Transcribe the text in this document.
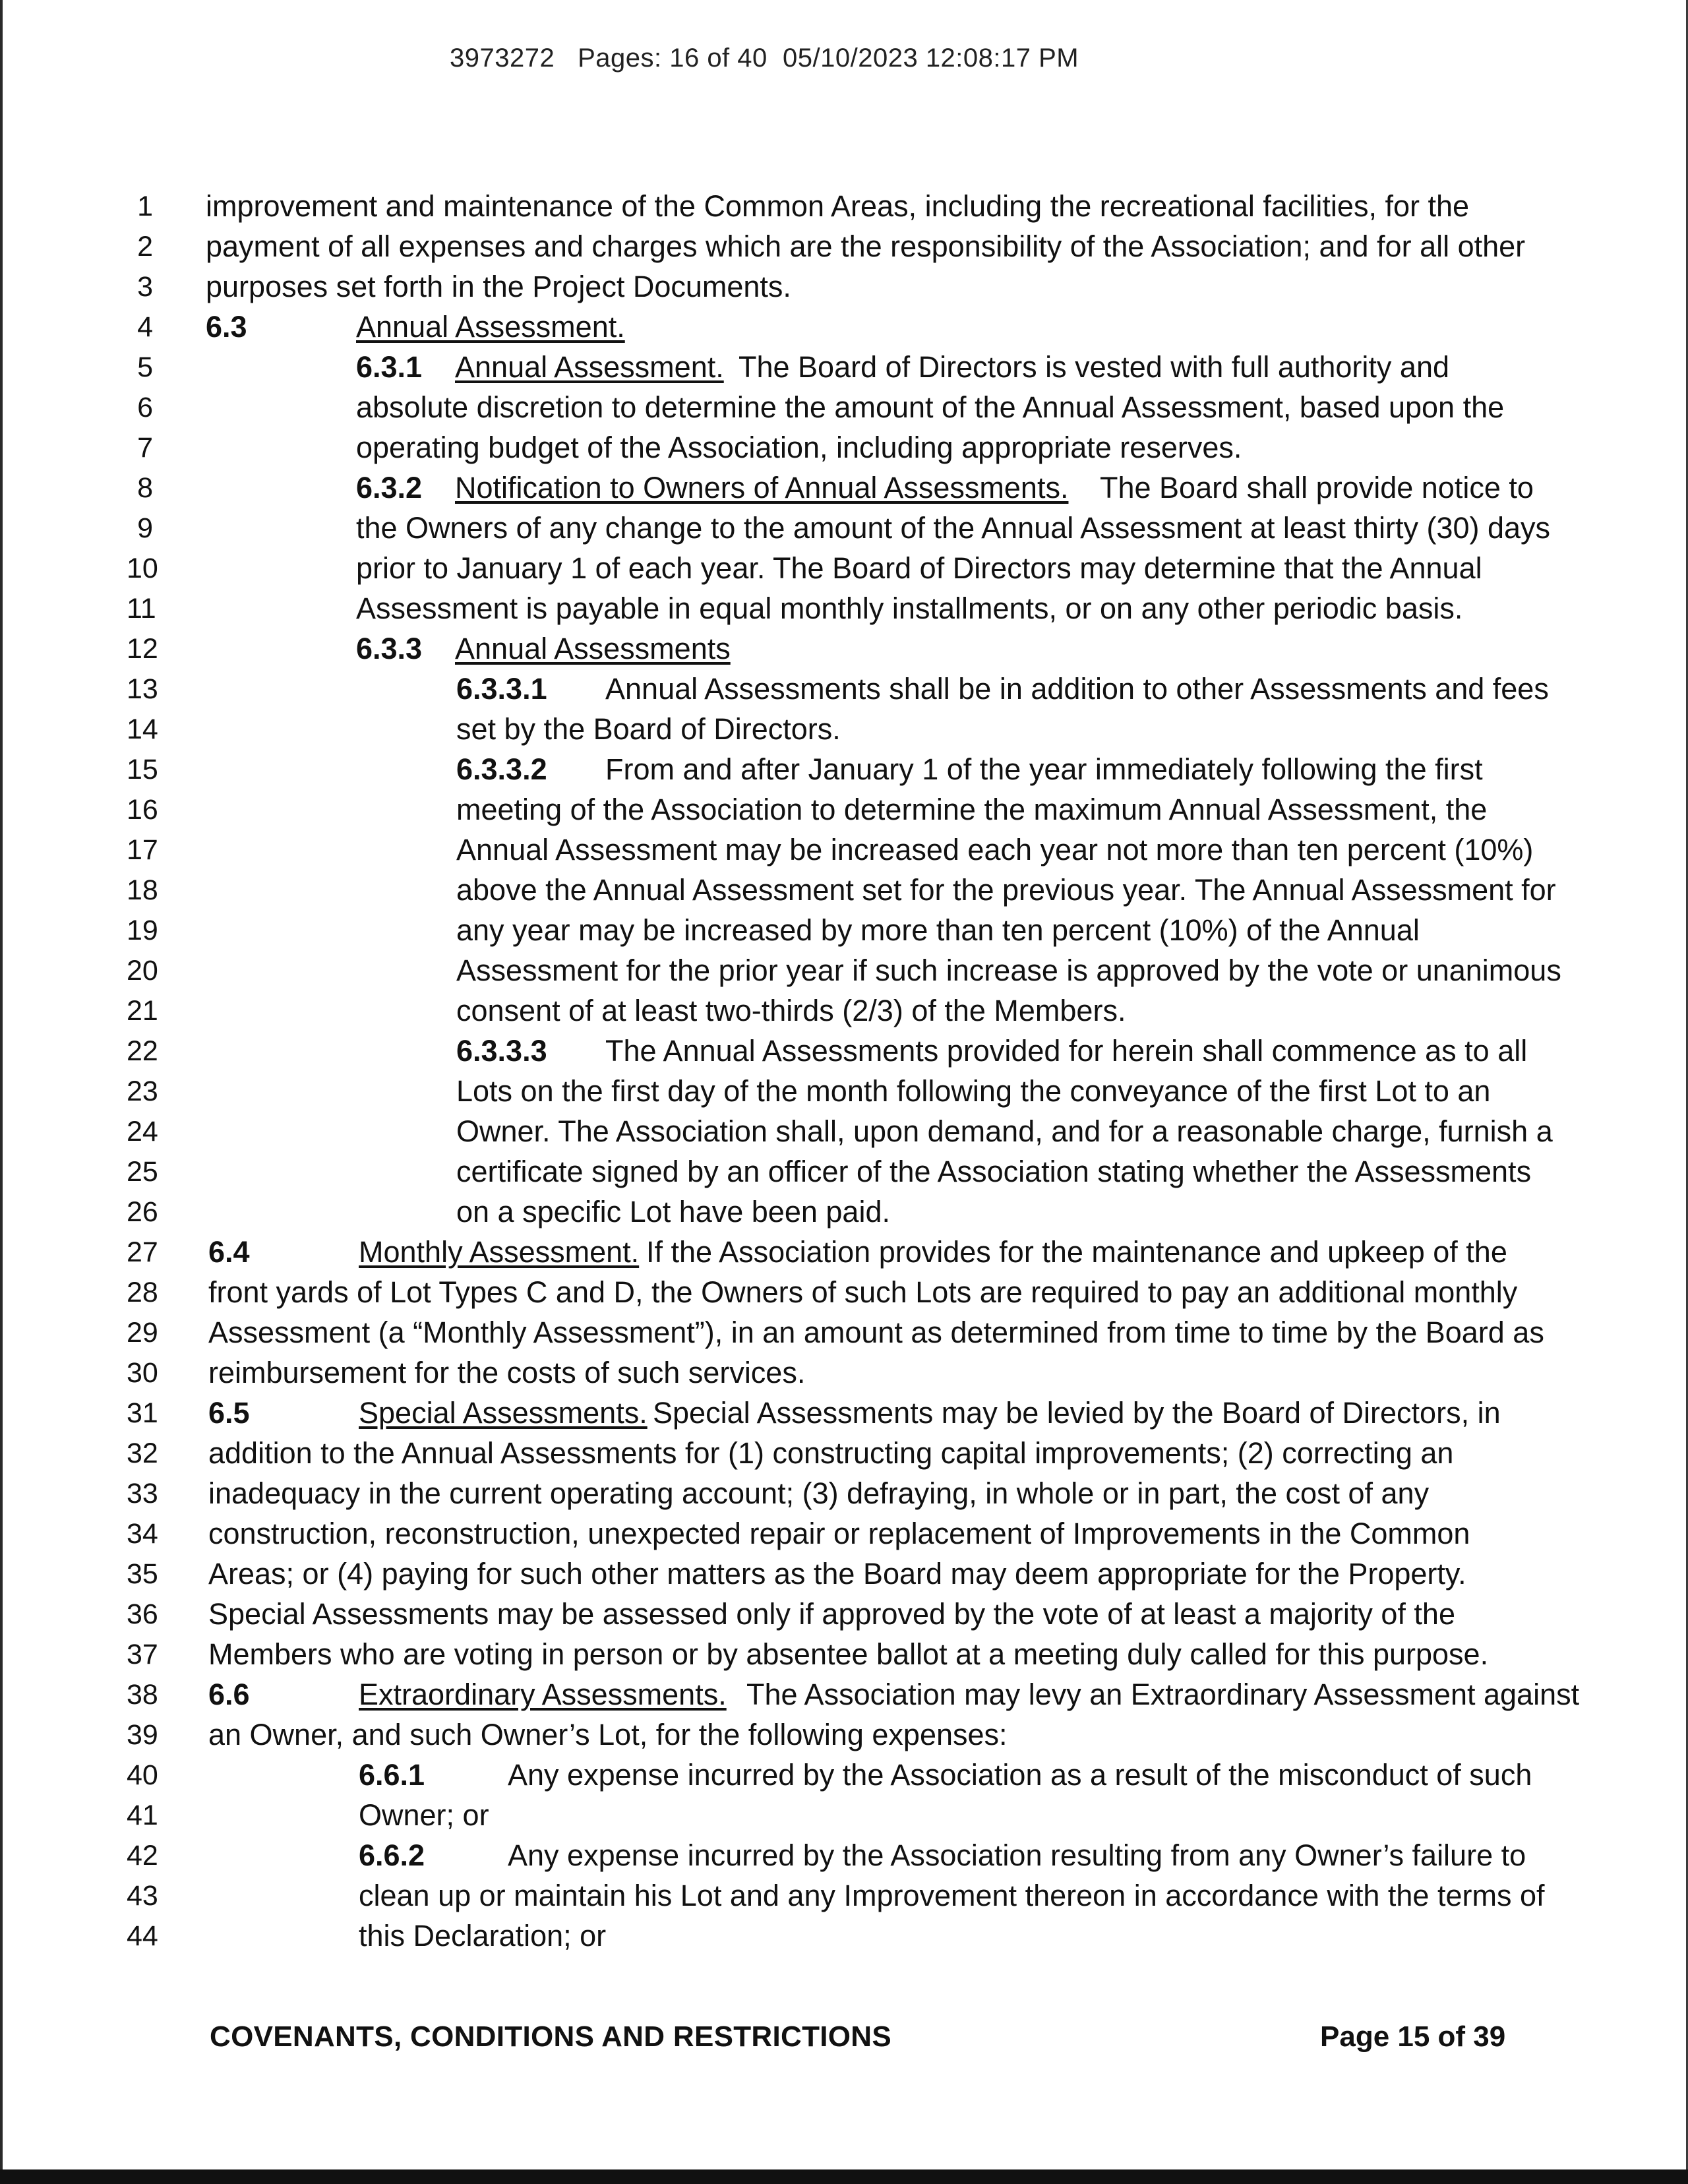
3973272   Pages: 16 of 40  05/10/2023 12:08:17 PM
1 improvement and maintenance of the Common Areas, including the recreational facilities, for the
2 payment of all expenses and charges which are the responsibility of the Association; and for all other
3 purposes set forth in the Project Documents.
4 6.3	Annual Assessment.
5	6.3.1 Annual Assessment. The Board of Directors is vested with full authority and
6	absolute discretion to determine the amount of the Annual Assessment, based upon the
7	operating budget of the Association, including appropriate reserves.
8	6.3.2 Notification to Owners of Annual Assessments. The Board shall provide notice to
9	the Owners of any change to the amount of the Annual Assessment at least thirty (30) days
10	prior to January 1 of each year. The Board of Directors may determine that the Annual
11	Assessment is payable in equal monthly installments, or on any other periodic basis.
12	6.3.3 Annual Assessments
13	6.3.3.1 Annual Assessments shall be in addition to other Assessments and fees
14	set by the Board of Directors.
15	6.3.3.2 From and after January 1 of the year immediately following the first
16	meeting of the Association to determine the maximum Annual Assessment, the
17	Annual Assessment may be increased each year not more than ten percent (10%)
18	above the Annual Assessment set for the previous year. The Annual Assessment for
19	any year may be increased by more than ten percent (10%) of the Annual
20	Assessment for the prior year if such increase is approved by the vote or unanimous
21	consent of at least two-thirds (2/3) of the Members.
22	6.3.3.3 The Annual Assessments provided for herein shall commence as to all
23	Lots on the first day of the month following the conveyance of the first Lot to an
24	Owner. The Association shall, upon demand, and for a reasonable charge, furnish a
25	certificate signed by an officer of the Association stating whether the Assessments
26	on a specific Lot have been paid.
27 6.4	Monthly Assessment. If the Association provides for the maintenance and upkeep of the
28 front yards of Lot Types C and D, the Owners of such Lots are required to pay an additional monthly
29 Assessment (a “Monthly Assessment”), in an amount as determined from time to time by the Board as
30 reimbursement for the costs of such services.
31 6.5	Special Assessments. Special Assessments may be levied by the Board of Directors, in
32 addition to the Annual Assessments for (1) constructing capital improvements; (2) correcting an
33 inadequacy in the current operating account; (3) defraying, in whole or in part, the cost of any
34 construction, reconstruction, unexpected repair or replacement of Improvements in the Common
35 Areas; or (4) paying for such other matters as the Board may deem appropriate for the Property.
36 Special Assessments may be assessed only if approved by the vote of at least a majority of the
37 Members who are voting in person or by absentee ballot at a meeting duly called for this purpose.
38 6.6	Extraordinary Assessments. The Association may levy an Extraordinary Assessment against
39 an Owner, and such Owner’s Lot, for the following expenses:
40	6.6.1	Any expense incurred by the Association as a result of the misconduct of such
41	Owner; or
42	6.6.2	Any expense incurred by the Association resulting from any Owner’s failure to
43	clean up or maintain his Lot and any Improvement thereon in accordance with the terms of
44	this Declaration; or
COVENANTS, CONDITIONS AND RESTRICTIONS	Page 15 of 39
